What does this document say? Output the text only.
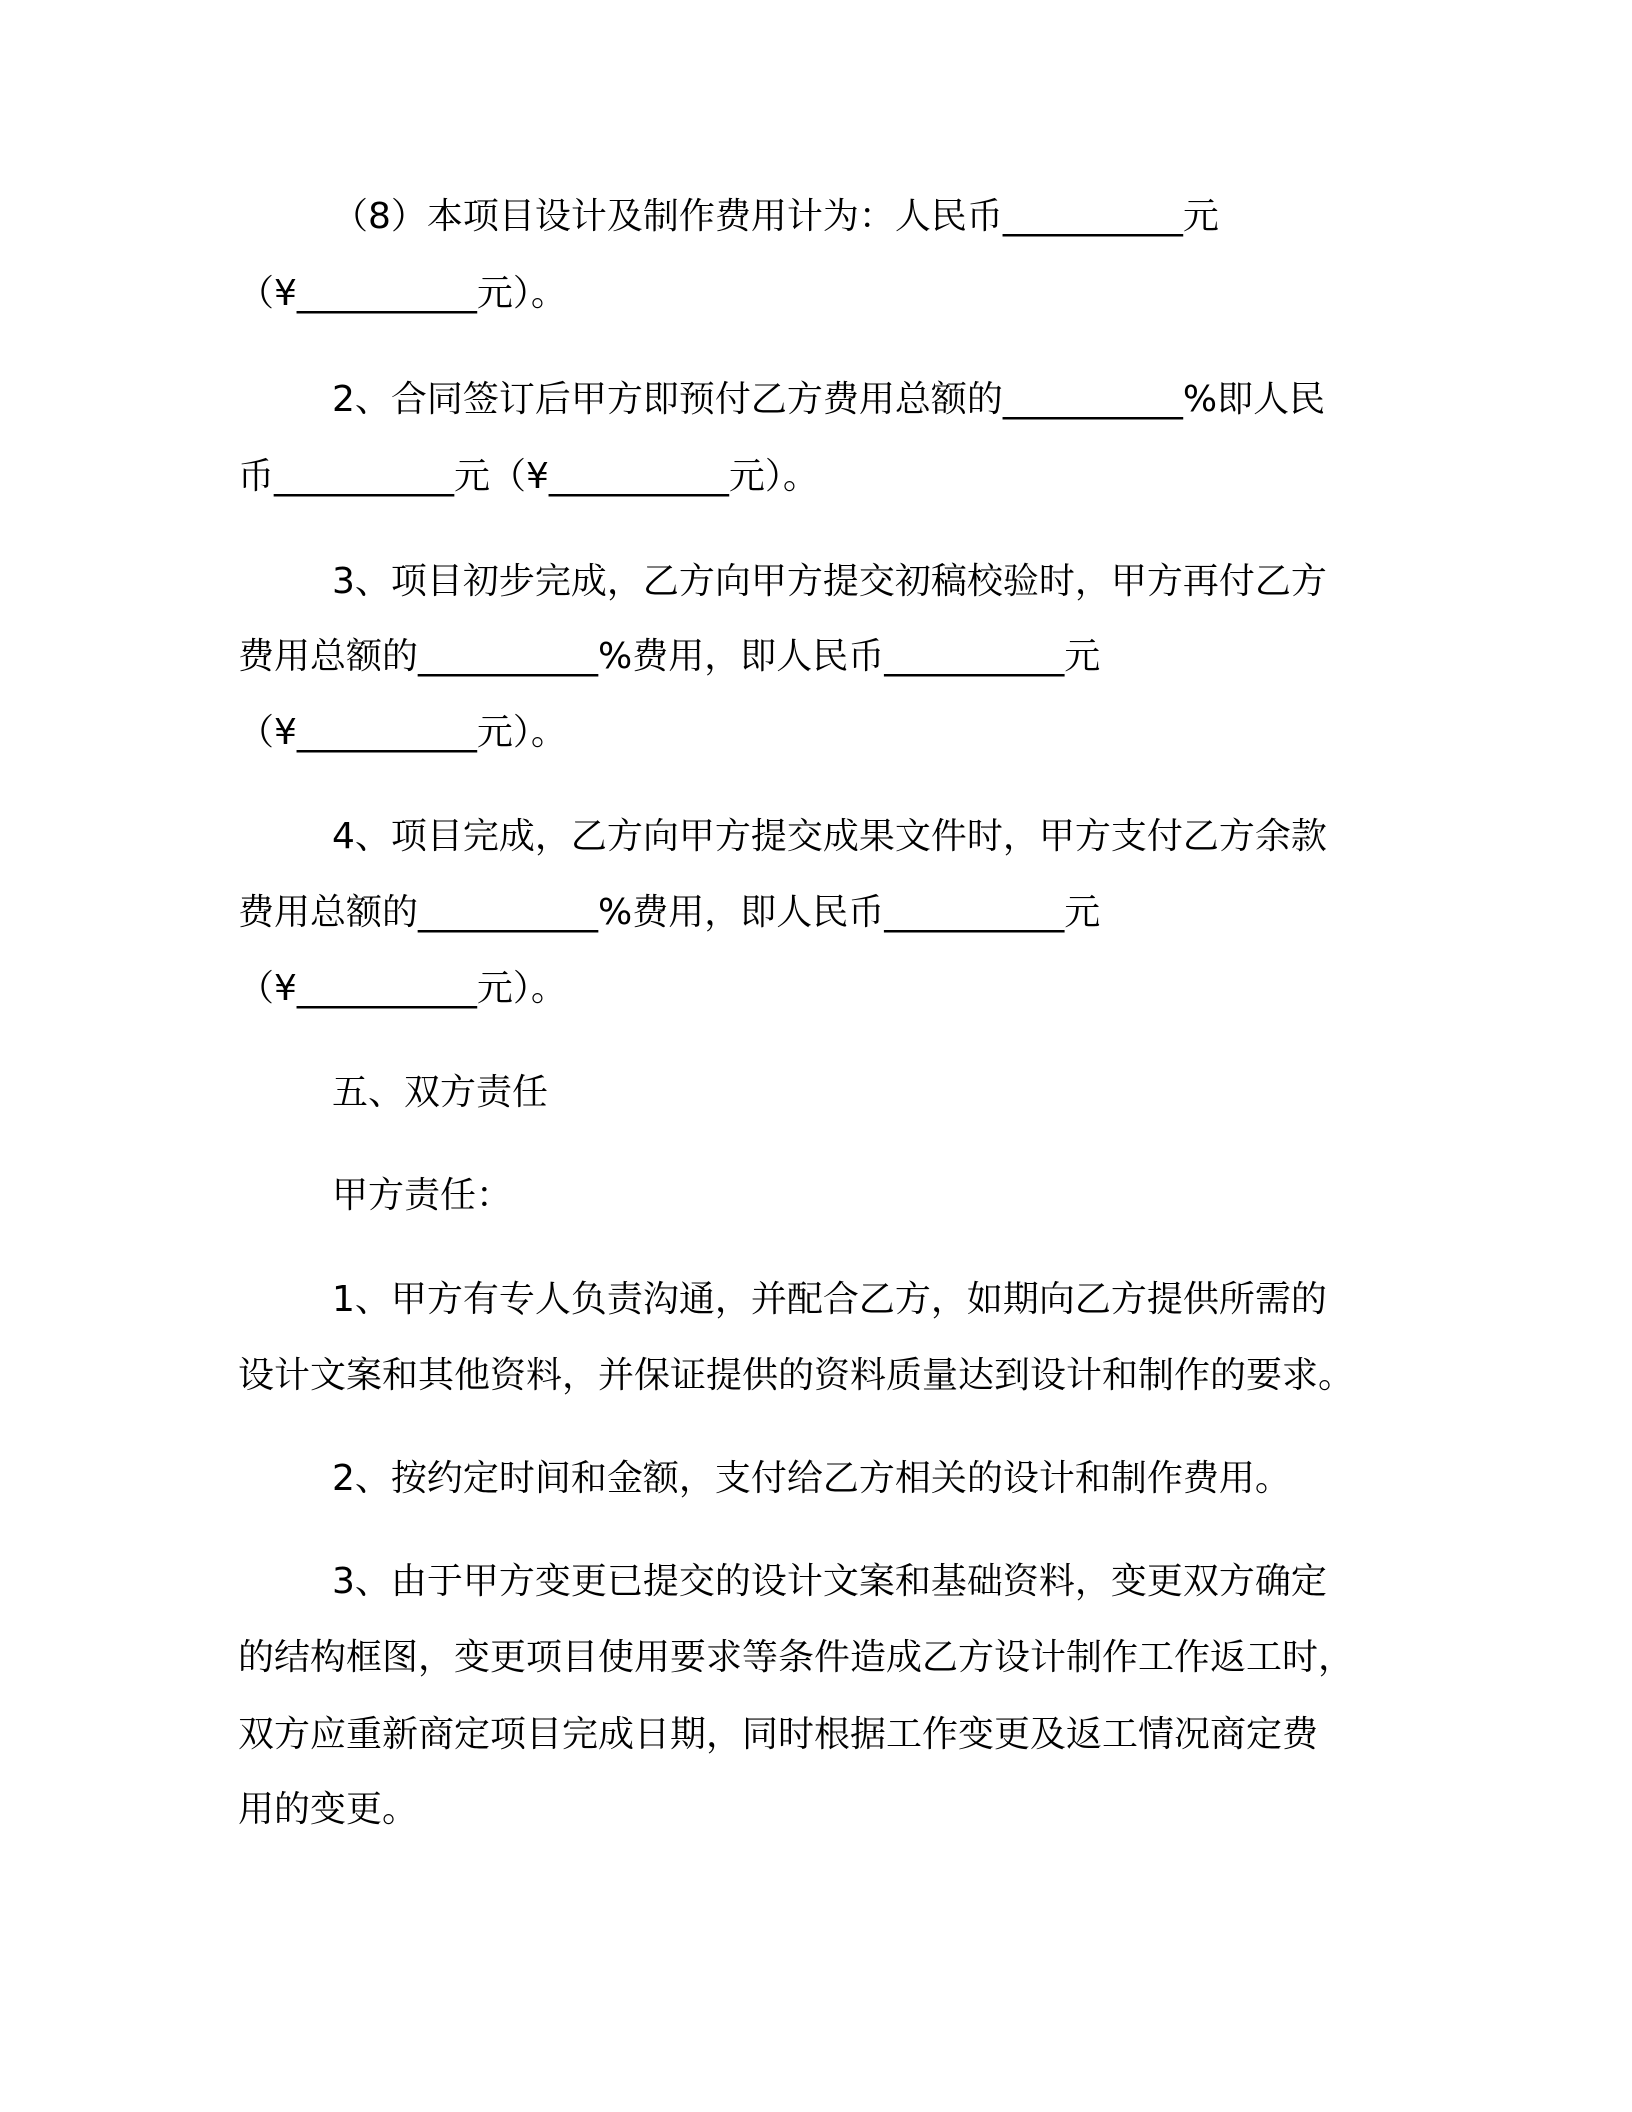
（8）本项目设计及制作费用计为：人民币__________元
（¥__________元）。
2、合同签订后甲方即预付乙方费用总额的__________%即人民
币__________元（¥__________元）。
3、项目初步完成，乙方向甲方提交初稿校验时，甲方再付乙方
费用总额的__________%费用，即人民币__________元
（¥__________元）。
4、项目完成，乙方向甲方提交成果文件时，甲方支付乙方余款
费用总额的__________%费用，即人民币__________元
（¥__________元）。
五、双方责任
甲方责任：
1、甲方有专人负责沟通，并配合乙方，如期向乙方提供所需的
设计文案和其他资料，并保证提供的资料质量达到设计和制作的要求。
2、按约定时间和金额，支付给乙方相关的设计和制作费用。
3、由于甲方变更已提交的设计文案和基础资料，变更双方确定
的结构框图，变更项目使用要求等条件造成乙方设计制作工作返工时，
双方应重新商定项目完成日期，同时根据工作变更及返工情况商定费
用的变更。
